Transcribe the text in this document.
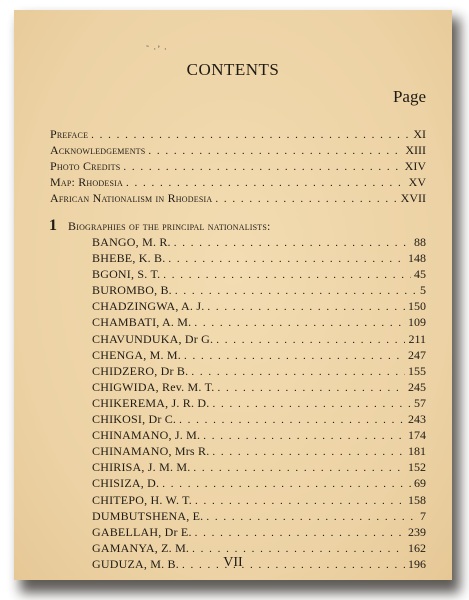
˜ ·’ ·
CONTENTS
Page
Preface . . .	XI
Acknowledgements . . .	XIII
Photo Credits . . .	XIV
Map: Rhodesia . . .	XV
African Nationalism in Rhodesia . . .	XVII
1 Biographies of the principal nationalists:
BANGO, M. R. . . .	88
BHEBE, K. B. . . .	148
BGONI, S. T. . . .	45
BUROMBO, B. . . .	5
CHADZINGWA, A. J. . . .	150
CHAMBATI, A. M. . . .	109
CHAVUNDUKA, Dr G. . . .	211
CHENGA, M. M. . . .	247
CHIDZERO, Dr B. . . .	155
CHIGWIDA, Rev. M. T. . . .	245
CHIKEREMA, J. R. D. . . .	57
CHIKOSI, Dr C. . . .	243
CHINAMANO, J. M. . . .	174
CHINAMANO, Mrs R. . . .	181
CHIRISA, J. M. M. . . .	152
CHISIZA, D. . . .	69
CHITEPO, H. W. T. . . .	158
DUMBUTSHENA, E. . . .	7
GABELLAH, Dr E. . . .	239
GAMANYA, Z. M. . . .	162
GUDUZA, M. B. . . .	196
VII
